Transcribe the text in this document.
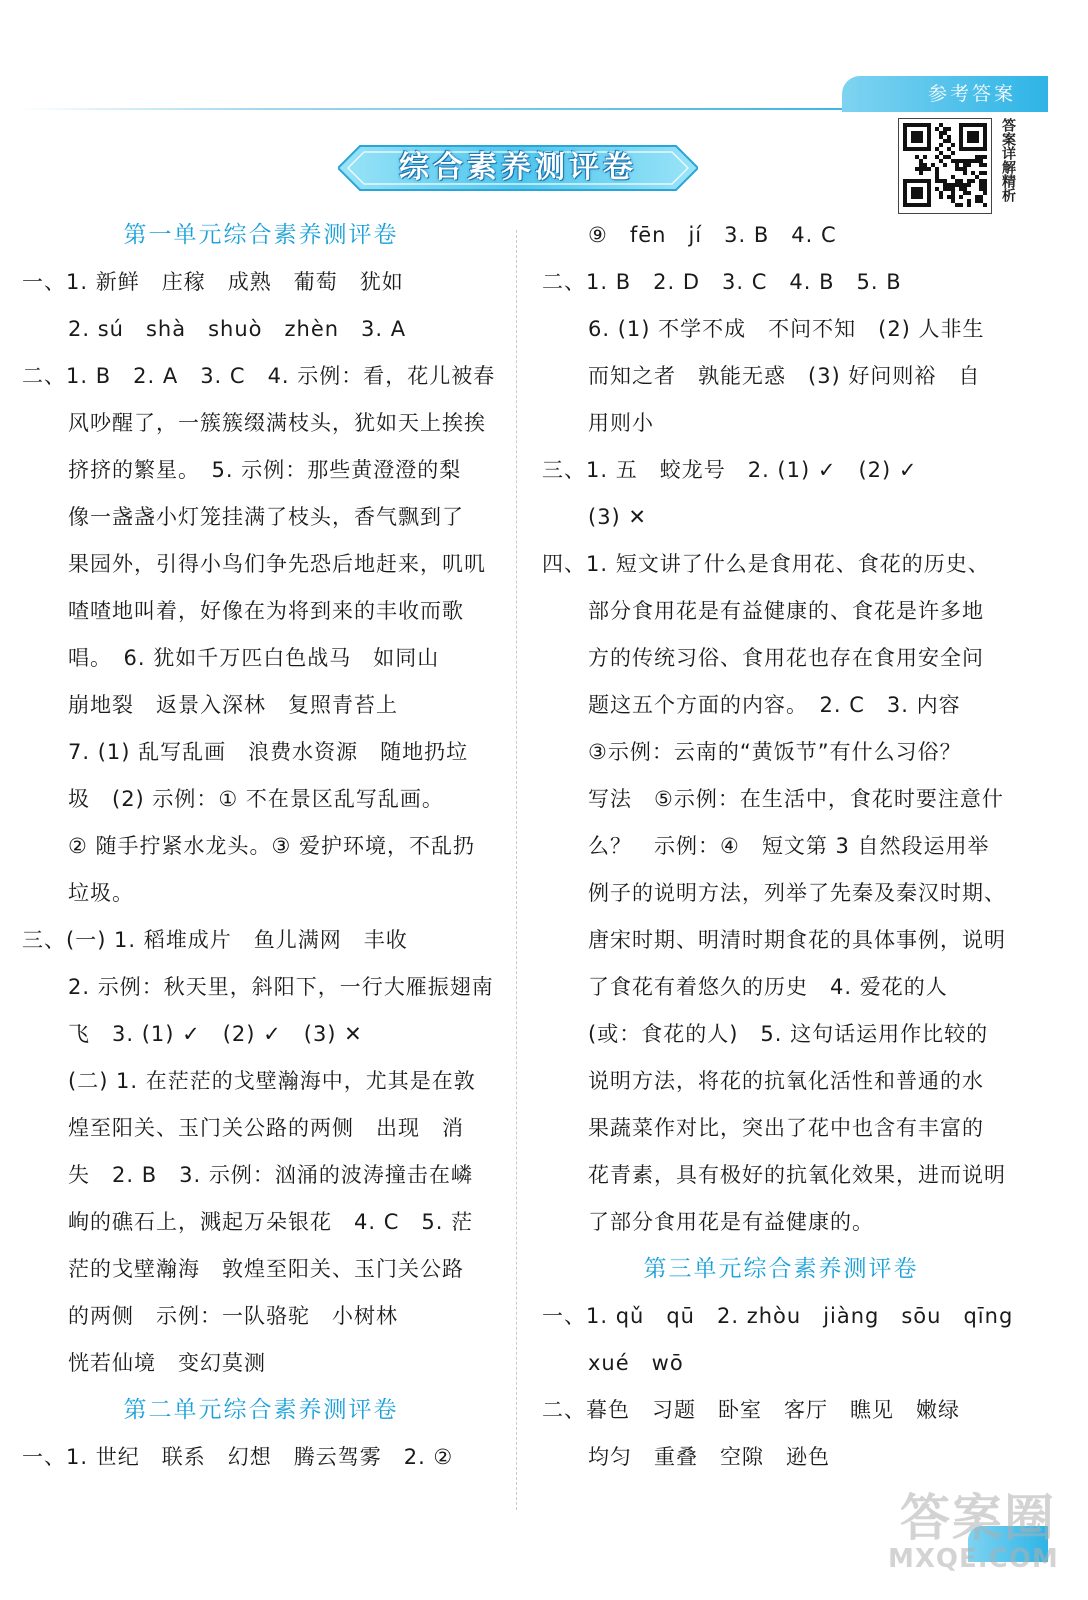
参考答案
综合素养测评卷	答案详解精析
第一单元综合素养测评卷
一、1. 新鲜　庄稼　成熟　葡萄　犹如
2. sú　shà　shuò　zhèn　3. A
二、1. B　2. A　3. C　4. 示例：看，花儿被春
风吵醒了，一簇簇缀满枝头，犹如天上挨挨
挤挤的繁星。　5. 示例：那些黄澄澄的梨
像一盏盏小灯笼挂满了枝头，香气飘到了
果园外，引得小鸟们争先恐后地赶来，叽叽
喳喳地叫着，好像在为将到来的丰收而歌
唱。　6. 犹如千万匹白色战马　如同山
崩地裂　返景入深林　复照青苔上
7. (1) 乱写乱画　浪费水资源　随地扔垃
圾　(2) 示例：① 不在景区乱写乱画。
② 随手拧紧水龙头。③ 爱护环境，不乱扔
垃圾。
三、(一) 1. 稻堆成片　鱼儿满网　丰收
2. 示例：秋天里，斜阳下，一行大雁振翅南
飞　3. (1) ✓　(2) ✓　(3) ✕
(二) 1. 在茫茫的戈壁瀚海中，尤其是在敦
煌至阳关、玉门关公路的两侧　出现　消
失　2. B　3. 示例：汹涌的波涛撞击在嶙
峋的礁石上，溅起万朵银花　4. C　5. 茫
茫的戈壁瀚海　敦煌至阳关、玉门关公路
的两侧　示例：一队骆驼　小树林
恍若仙境　变幻莫测
第二单元综合素养测评卷
一、1. 世纪　联系　幻想　腾云驾雾　2. ②
⑨　fēn　jí　3. B　4. C
二、1. B　2. D　3. C　4. B　5. B
6. (1) 不学不成　不问不知　(2) 人非生
而知之者　孰能无惑　(3) 好问则裕　自
用则小
三、1. 五　蛟龙号　2. (1) ✓　(2) ✓
(3) ✕
四、1. 短文讲了什么是食用花、食花的历史、
部分食用花是有益健康的、食花是许多地
方的传统习俗、食用花也存在食用安全问
题这五个方面的内容。　2. C　3. 内容
③示例：云南的“黄饭节”有什么习俗？
写法　⑤示例：在生活中，食花时要注意什
么？　示例：④　短文第 3 自然段运用举
例子的说明方法，列举了先秦及秦汉时期、
唐宋时期、明清时期食花的具体事例，说明
了食花有着悠久的历史　4. 爱花的人
(或：食花的人)　5. 这句话运用作比较的
说明方法，将花的抗氧化活性和普通的水
果蔬菜作对比，突出了花中也含有丰富的
花青素，具有极好的抗氧化效果，进而说明
了部分食用花是有益健康的。
第三单元综合素养测评卷
一、1. qǔ　qū　2. zhòu　jiàng　sōu　qīng
xué　wō
二、暮色　习题　卧室　客厅　瞧见　嫩绿
均匀　重叠　空隙　逊色
答案圈
MXQE.COM
